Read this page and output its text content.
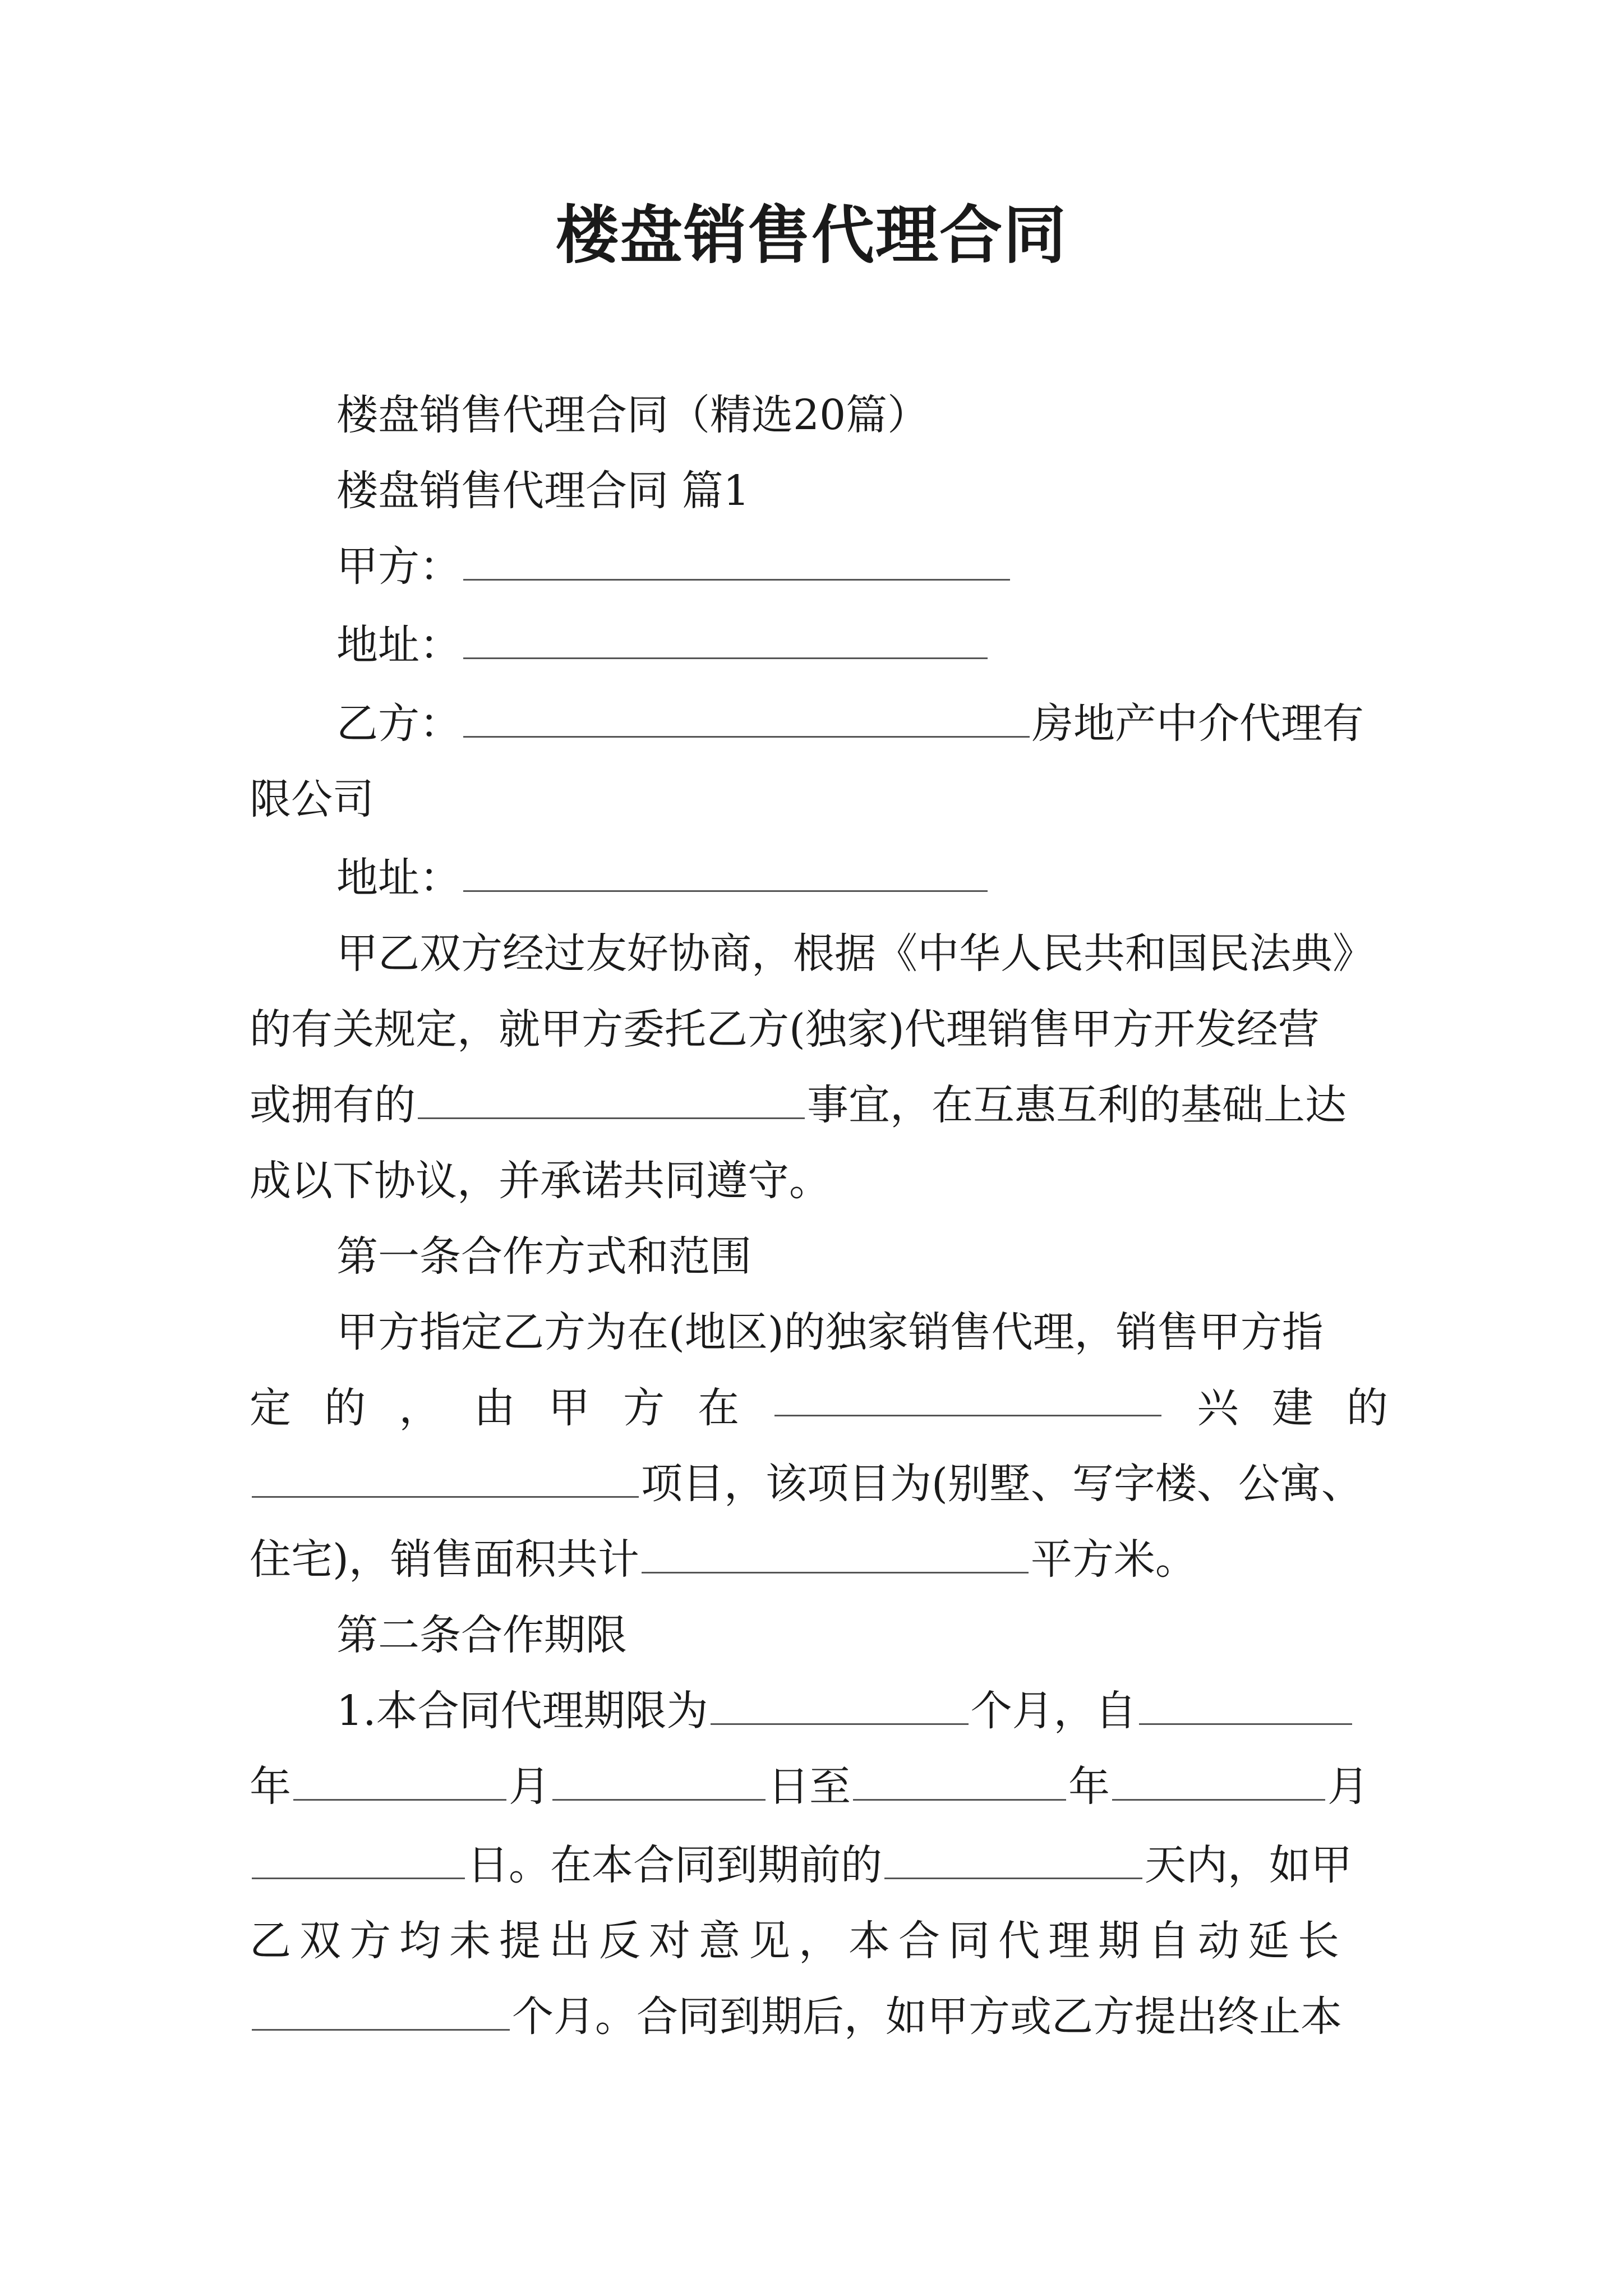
楼盘销售代理合同
楼盘销售代理合同（精选20篇）
楼盘销售代理合同 篇1
甲方：
地址：
乙方：	房地产中介代理有
限公司
地址：
甲乙双方经过友好协商，根据《中华人民共和国民法典》
的有关规定，就甲方委托乙方(独家)代理销售甲方开发经营
或拥有的	事宜，在互惠互利的基础上达
成以下协议，并承诺共同遵守。
第一条合作方式和范围
甲方指定乙方为在(地区)的独家销售代理，销售甲方指
定 的 ， 由 甲 方 在	兴 建 的
项目，该项目为(别墅、写字楼、公寓、
住宅)，销售面积共计	平方米。
第二条合作期限
1.本合同代理期限为	个月，自
年	月	日至	年	月
日。在本合同到期前的	天内，如甲
乙双方均未提出反对意见，本合同代理期自动延长
个月。合同到期后，如甲方或乙方提出终止本
